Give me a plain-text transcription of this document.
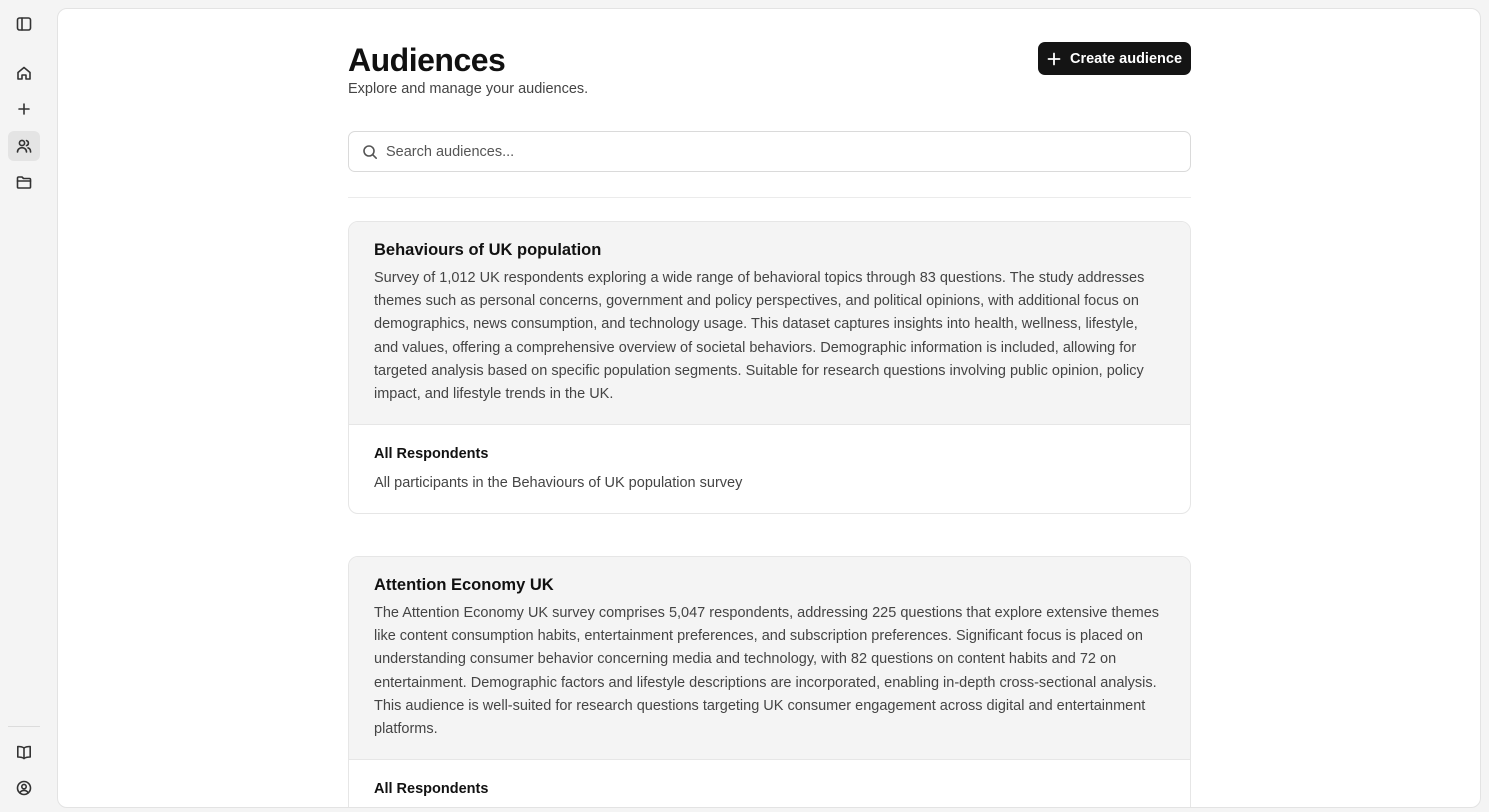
Audiences

Explore and manage your audiences.

Create audience
Search audiences...
Behaviours of UK population

Survey of 1,012 UK respondents exploring a wide range of behavioral topics through 83 questions. The study addresses themes such as personal concerns, government and policy perspectives, and political opinions, with additional focus on demographics, news consumption, and technology usage. This dataset captures insights into health, wellness, lifestyle, and values, offering a comprehensive overview of societal behaviors. Demographic information is included, allowing for targeted analysis based on specific population segments. Suitable for research questions involving public opinion, policy impact, and lifestyle trends in the UK.

All Respondents
All participants in the Behaviours of UK population survey
Attention Economy UK

The Attention Economy UK survey comprises 5,047 respondents, addressing 225 questions that explore extensive themes like content consumption habits, entertainment preferences, and subscription preferences. Significant focus is placed on understanding consumer behavior concerning media and technology, with 82 questions on content habits and 72 on entertainment. Demographic factors and lifestyle descriptions are incorporated, enabling in-depth cross-sectional analysis. This audience is well-suited for research questions targeting UK consumer engagement across digital and entertainment platforms.

All Respondents
